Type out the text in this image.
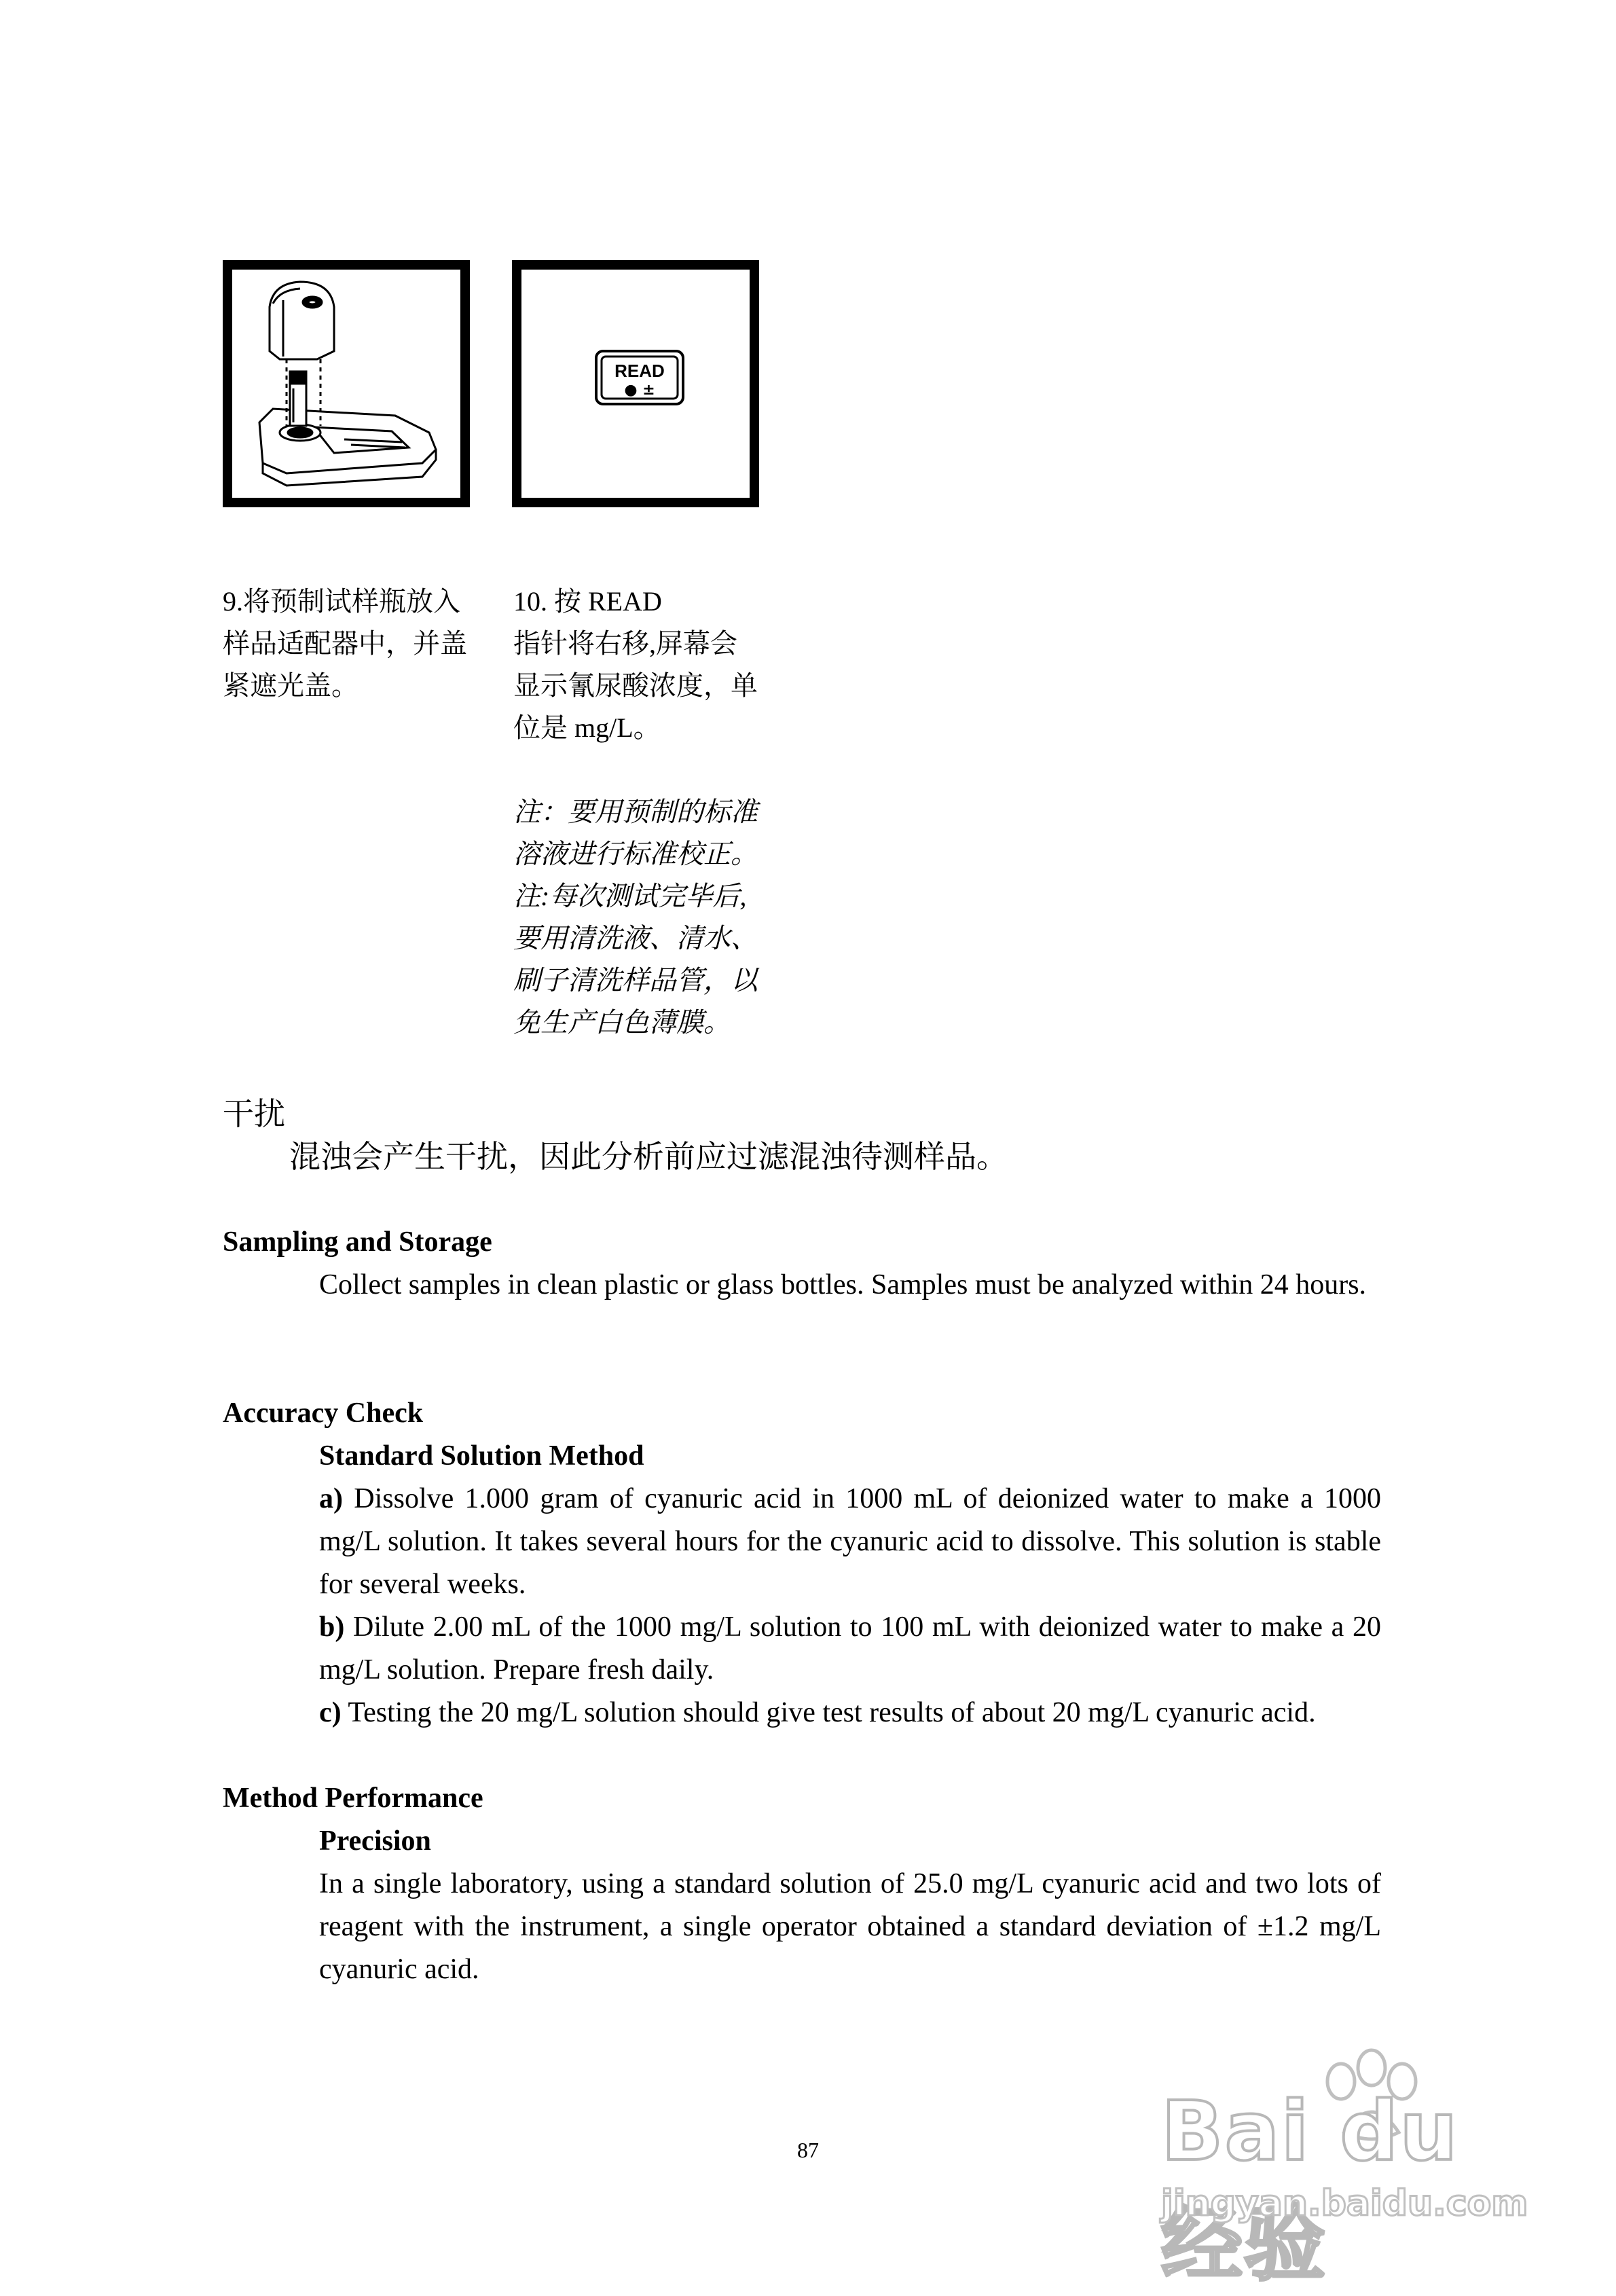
READ
● ±
9.将预制试样瓶放入
样品适配器中，并盖
紧遮光盖。
10. 按 READ
指针将右移,屏幕会
显示氰尿酸浓度，单
位是 mg/L。
注：要用预制的标准
溶液进行标准校正。
注:每次测试完毕后,
要用清洗液、清水、
刷子清洗样品管，以
免生产白色薄膜。
干扰
混浊会产生干扰，因此分析前应过滤混浊待测样品。
Sampling and Storage
Collect samples in clean plastic or glass bottles. Samples must be analyzed within 24 hours.
Accuracy Check
Standard Solution Method
a) Dissolve 1.000 gram of cyanuric acid in 1000 mL of deionized water to make a 1000 mg/L solution. It takes several hours for the cyanuric acid to dissolve. This solution is stable for several weeks.
b) Dilute 2.00 mL of the 1000 mg/L solution to 100 mL with deionized water to make a 20 mg/L solution. Prepare fresh daily.
c) Testing the 20 mg/L solution should give test results of about 20 mg/L cyanuric acid.
Method Performance
Precision
In a single laboratory, using a standard solution of 25.0 mg/L cyanuric acid and two lots of reagent with the instrument, a single operator obtained a standard deviation of ±1.2 mg/L cyanuric acid.
87	Bai du 经验
jingyan.baidu.com
